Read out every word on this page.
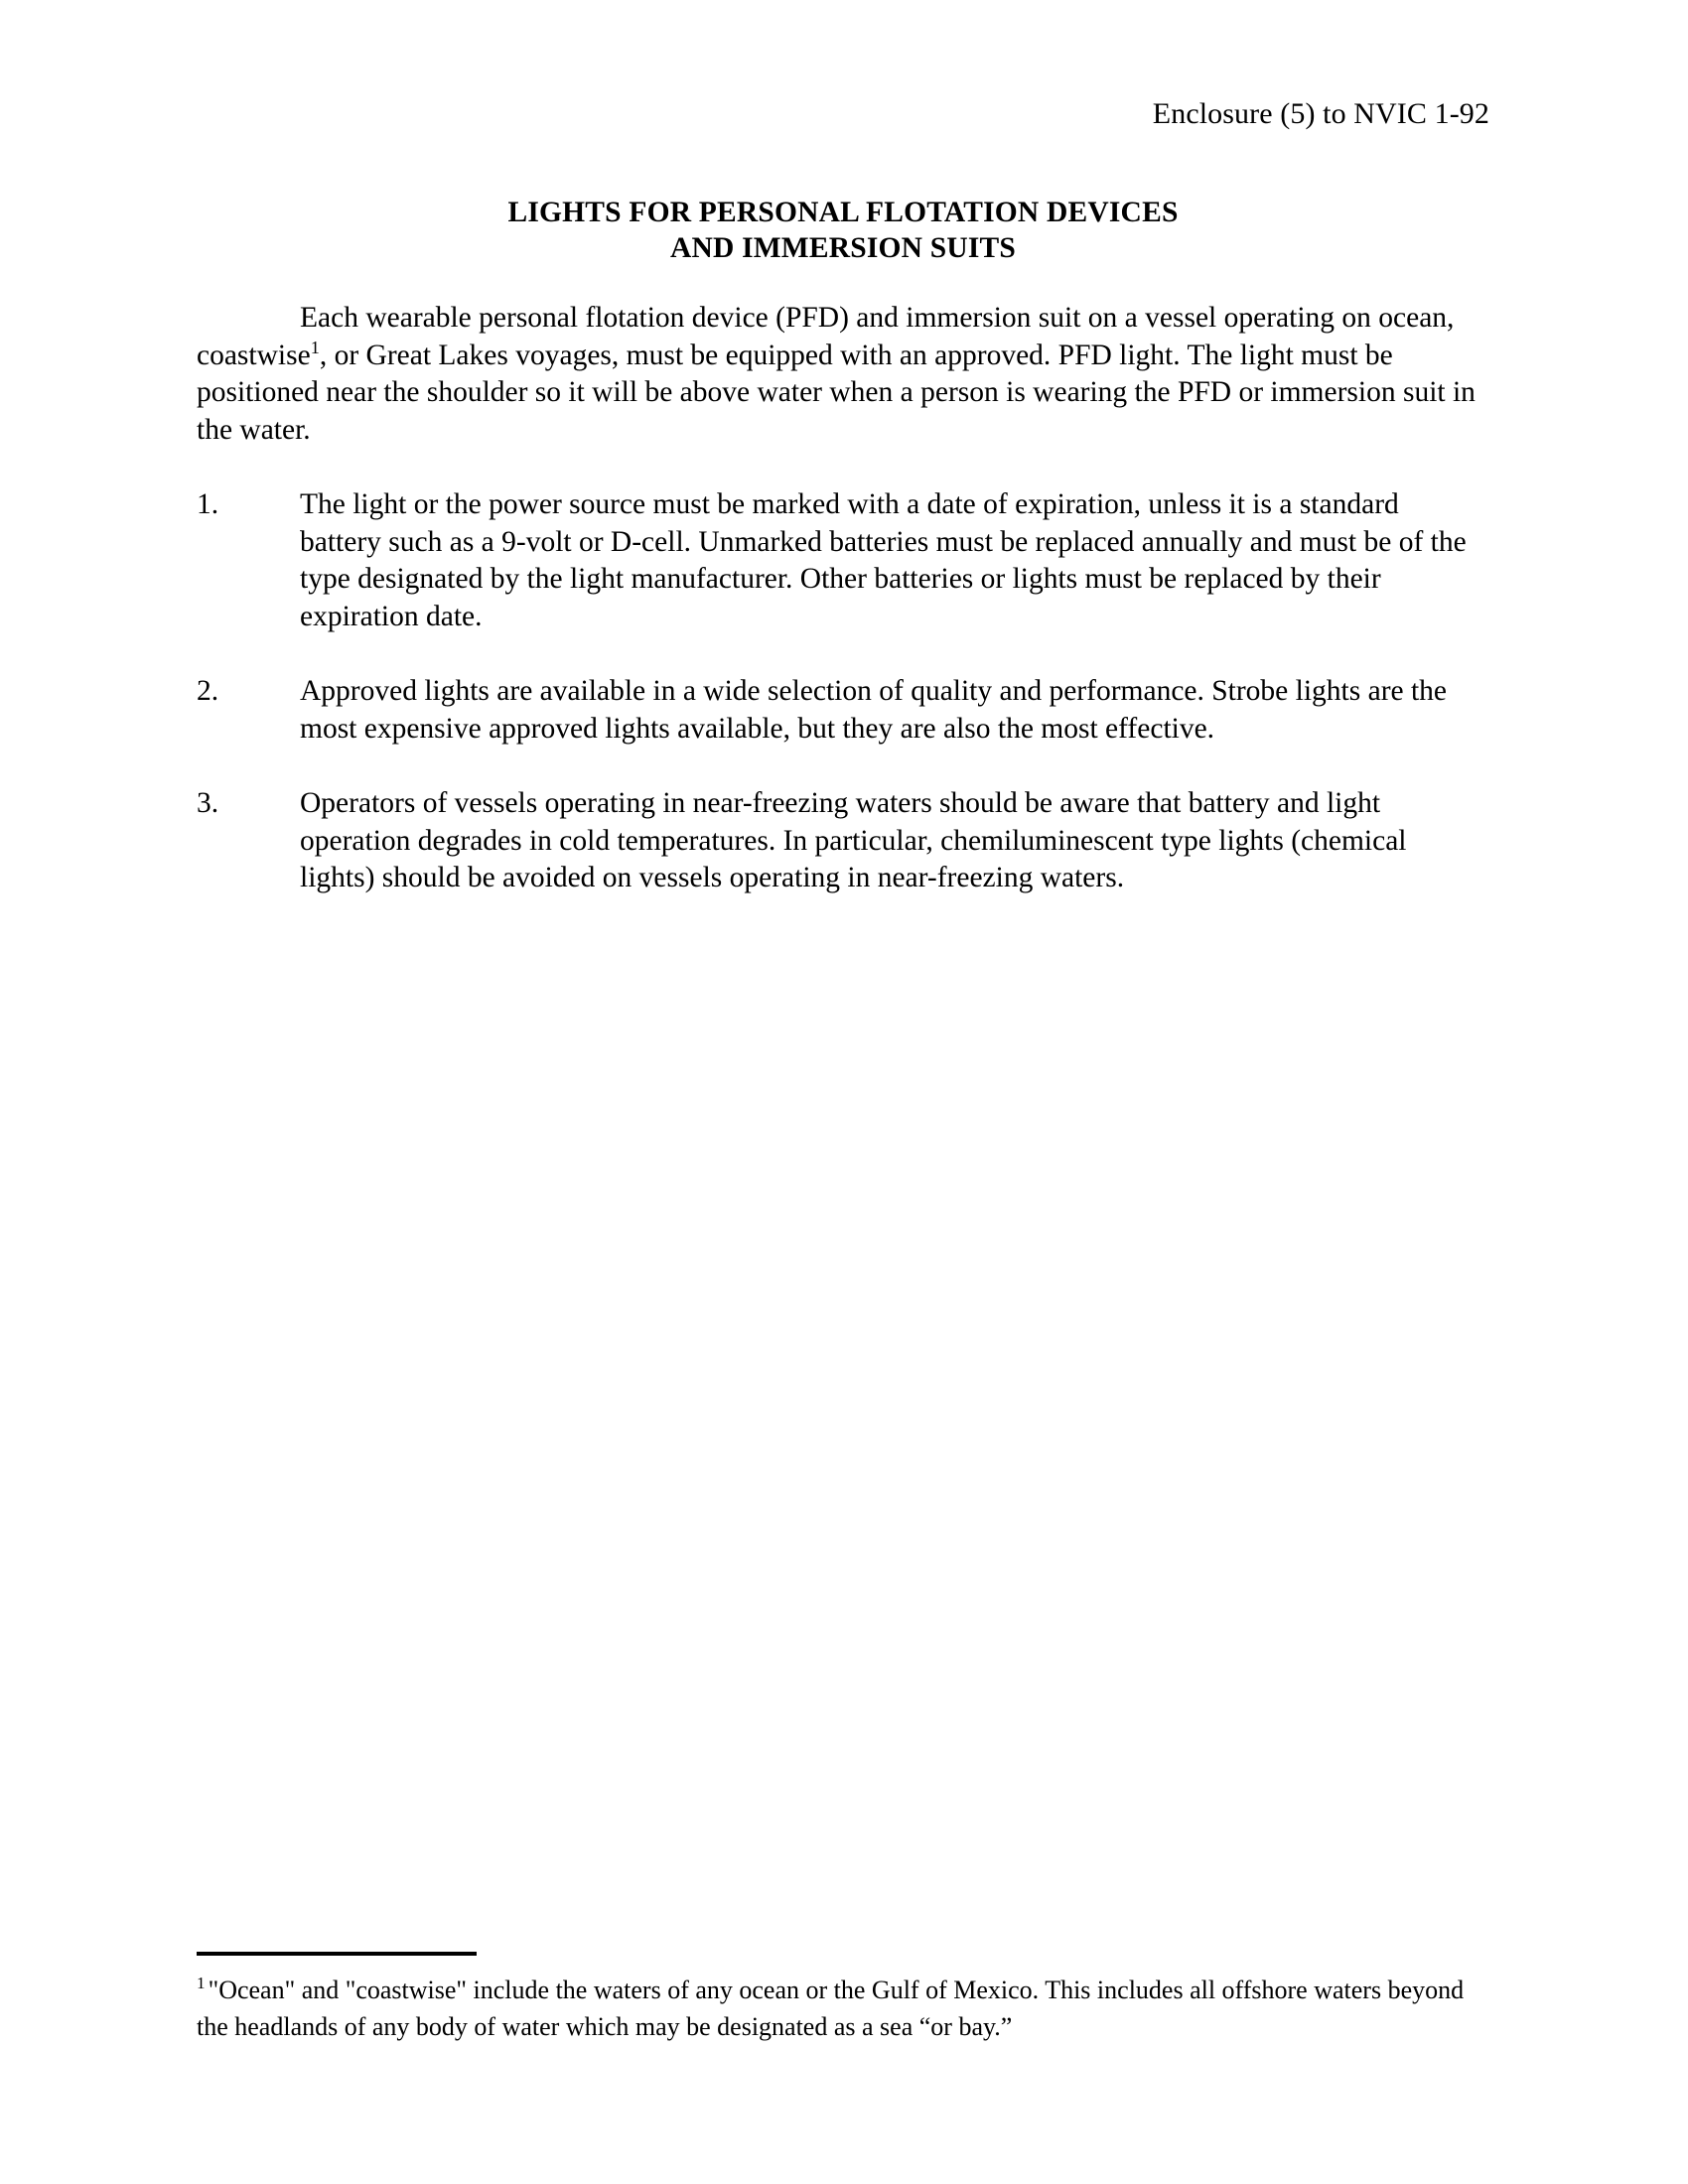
Enclosure (5) to NVIC 1-92
LIGHTS FOR PERSONAL FLOTATION DEVICES
AND IMMERSION SUITS

Each wearable personal flotation device (PFD) and immersion suit on a vessel operating on ocean, coastwise$^1$, or Great Lakes voyages, must be equipped with an approved. PFD light. The light must be positioned near the shoulder so it will be above water when a person is wearing the PFD or immersion suit in the water.

1.	The light or the power source must be marked with a date of expiration, unless it is a standard battery such as a 9-volt or D-cell. Unmarked batteries must be replaced annually and must be of the type designated by the light manufacturer. Other batteries or lights must be replaced by their expiration date.
2.	Approved lights are available in a wide selection of quality and performance. Strobe lights are the most expensive approved lights available, but they are also the most effective.
3.	Operators of vessels operating in near-freezing waters should be aware that battery and light operation degrades in cold temperatures. In particular, chemiluminescent type lights (chemical lights) should be avoided on vessels operating in near-freezing waters.

$^1$ "Ocean" and "coastwise" include the waters of any ocean or the Gulf of Mexico. This includes all offshore waters beyond the headlands of any body of water which may be designated as a sea “or bay.”
